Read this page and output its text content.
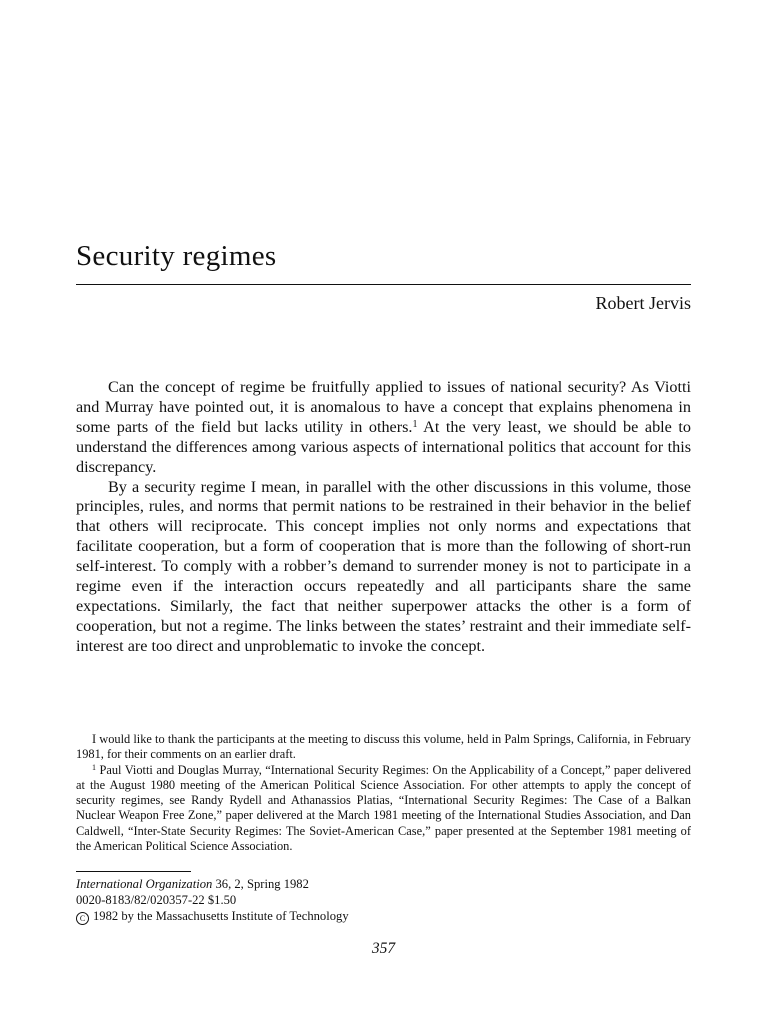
Security regimes

Robert Jervis

Can the concept of regime be fruitfully applied to issues of national security? As Viotti and Murray have pointed out, it is anomalous to have a concept that explains phenomena in some parts of the field but lacks utility in others.$^1$ At the very least, we should be able to understand the differences among various aspects of international politics that account for this discrepancy.

By a security regime I mean, in parallel with the other discussions in this volume, those principles, rules, and norms that permit nations to be restrained in their behavior in the belief that others will reciprocate. This concept implies not only norms and expectations that facilitate cooperation, but a form of cooperation that is more than the following of short-run self-interest. To comply with a robber’s demand to surrender money is not to participate in a regime even if the interaction occurs repeatedly and all participants share the same expectations. Similarly, the fact that neither superpower attacks the other is a form of cooperation, but not a regime. The links between the states’ restraint and their immediate self-interest are too direct and unproblematic to invoke the concept.

I would like to thank the participants at the meeting to discuss this volume, held in Palm Springs, California, in February 1981, for their comments on an earlier draft.

$^1$ Paul Viotti and Douglas Murray, “International Security Regimes: On the Applicability of a Concept,” paper delivered at the August 1980 meeting of the American Political Science Association. For other attempts to apply the concept of security regimes, see Randy Rydell and Athanassios Platias, “International Security Regimes: The Case of a Balkan Nuclear Weapon Free Zone,” paper delivered at the March 1981 meeting of the International Studies Association, and Dan Caldwell, “Inter-State Security Regimes: The Soviet-American Case,” paper presented at the September 1981 meeting of the American Political Science Association.

International Organization 36, 2, Spring 1982
0020-8183/82/020357-22 $1.50
C 1982 by the Massachusetts Institute of Technology

357
